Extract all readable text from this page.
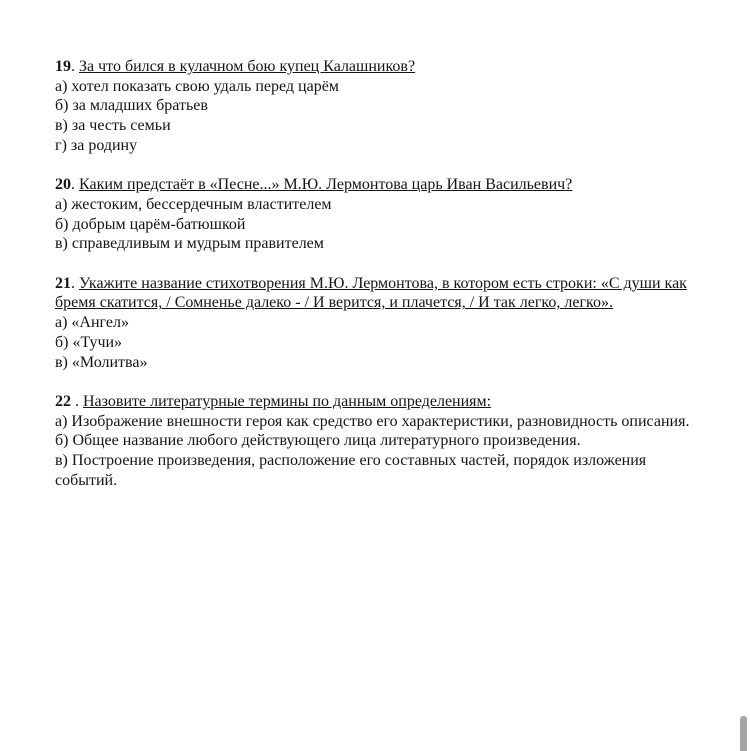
19. За что бился в кулачном бою купец Калашников?

а) хотел показать свою удаль перед царём

б) за младших братьев

в) за честь семьи

г) за родину

20. Каким предстаёт в «Песне...» М.Ю. Лермонтова царь Иван Васильевич?

а) жестоким, бессердечным властителем

б) добрым царём-батюшкой

в) справедливым и мудрым правителем

21. Укажите название стихотворения М.Ю. Лермонтова, в котором есть строки: «С души как бремя скатится, / Сомненье далеко - / И верится, и плачется, / И так легко, легко».

а) «Ангел»

б) «Тучи»

в) «Молитва»

22 . Назовите литературные термины по данным определениям:

а) Изображение внешности героя как средство его характеристики, разновидность описания.

б) Общее название любого действующего лица литературного произведения.

в) Построение произведения, расположение его составных частей, порядок изложения событий.
